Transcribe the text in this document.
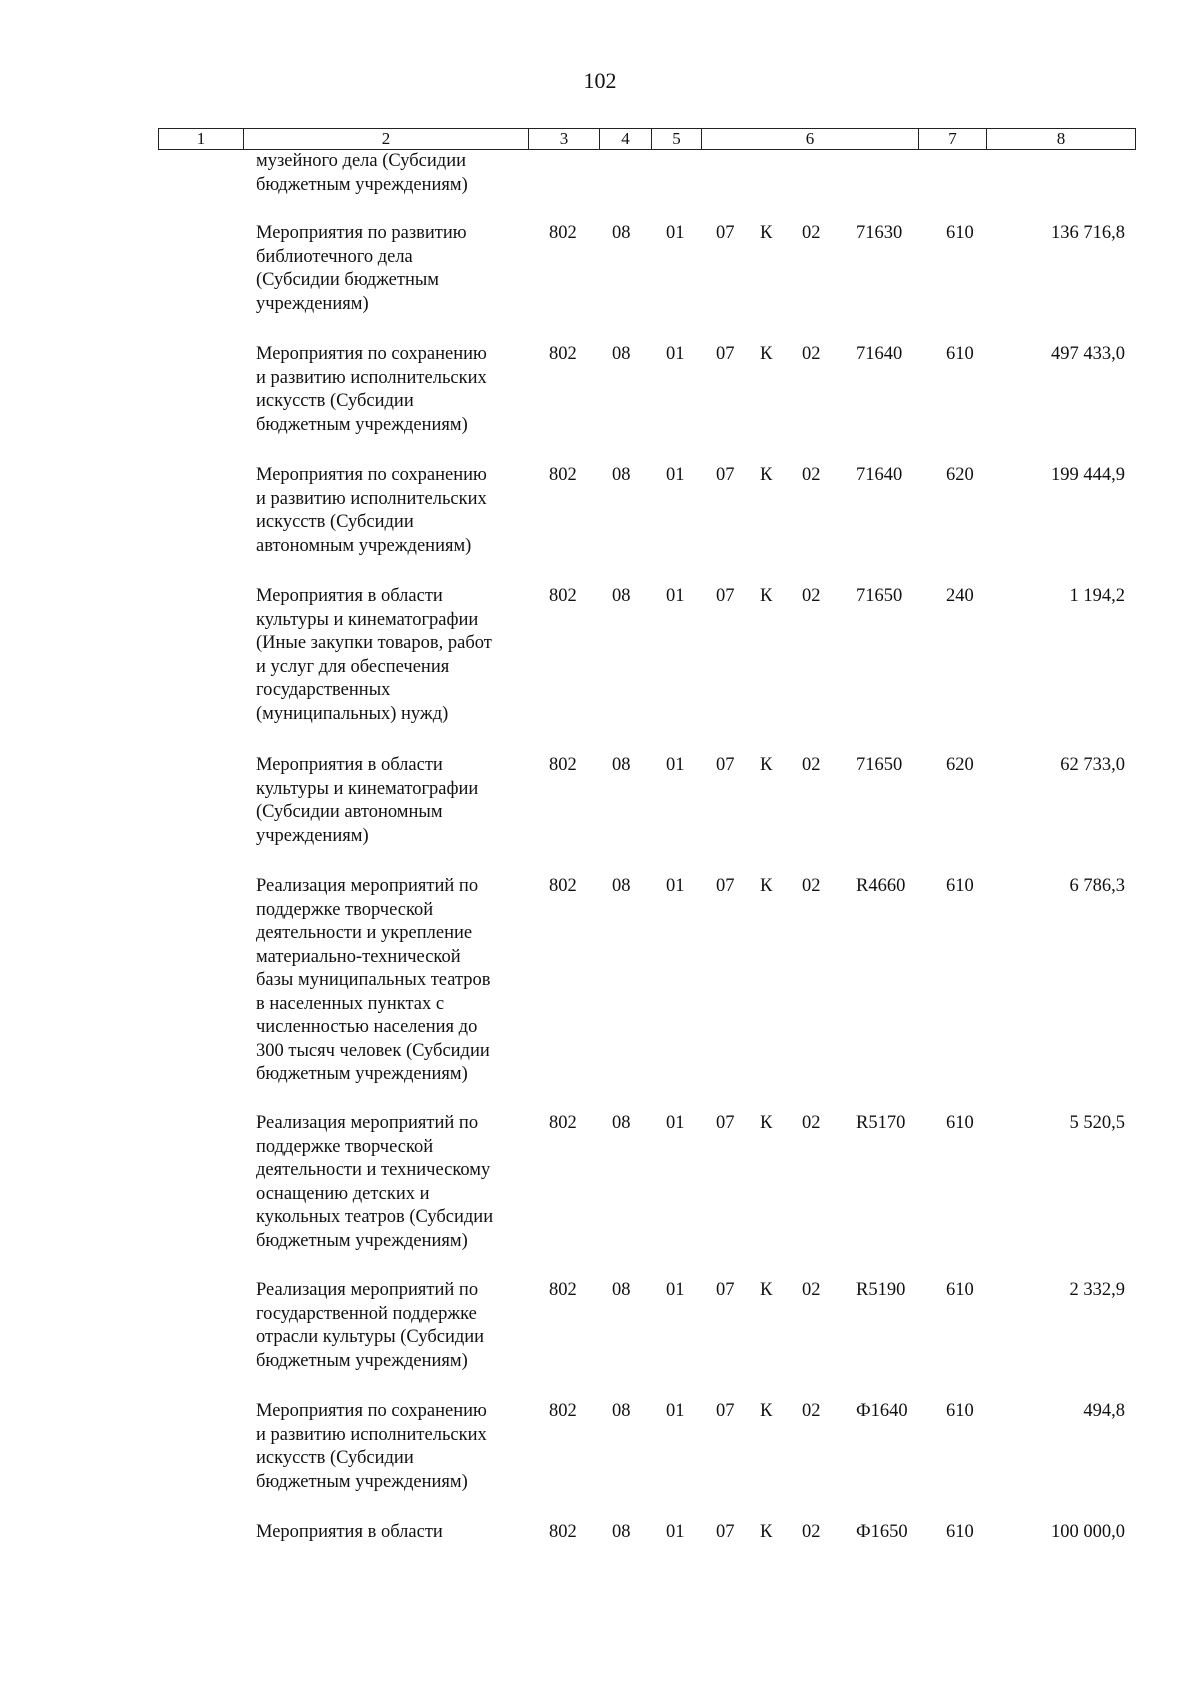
102
1	2	3	4	5	6	7	8
музейного дела (Субсидии
бюджетным учреждениям)
Мероприятия по развитию
библиотечного дела
(Субсидии бюджетным
учреждениям)
802 08 01 07 К 02 71630 610	136 716,8
Мероприятия по сохранению
и развитию исполнительских
искусств (Субсидии
бюджетным учреждениям)
802 08 01 07 К 02 71640 610	497 433,0
Мероприятия по сохранению
и развитию исполнительских
искусств (Субсидии
автономным учреждениям)
802 08 01 07 К 02 71640 620	199 444,9
Мероприятия в области
культуры и кинематографии
(Иные закупки товаров, работ
и услуг для обеспечения
государственных
(муниципальных) нужд)
802 08 01 07 К 02 71650 240	1 194,2
Мероприятия в области
культуры и кинематографии
(Субсидии автономным
учреждениям)
802 08 01 07 К 02 71650 620	62 733,0
Реализация мероприятий по
поддержке творческой
деятельности и укрепление
материально-технической
базы муниципальных театров
в населенных пунктах с
численностью населения до
300 тысяч человек (Субсидии
бюджетным учреждениям)
802 08 01 07 К 02 R4660 610	6 786,3
Реализация мероприятий по
поддержке творческой
деятельности и техническому
оснащению детских и
кукольных театров (Субсидии
бюджетным учреждениям)
802 08 01 07 К 02 R5170 610	5 520,5
Реализация мероприятий по
государственной поддержке
отрасли культуры (Субсидии
бюджетным учреждениям)
802 08 01 07 К 02 R5190 610	2 332,9
Мероприятия по сохранению
и развитию исполнительских
искусств (Субсидии
бюджетным учреждениям)
802 08 01 07 К 02 Ф1640 610	494,8
Мероприятия в области	802 08 01 07 К 02 Ф1650 610	100 000,0
